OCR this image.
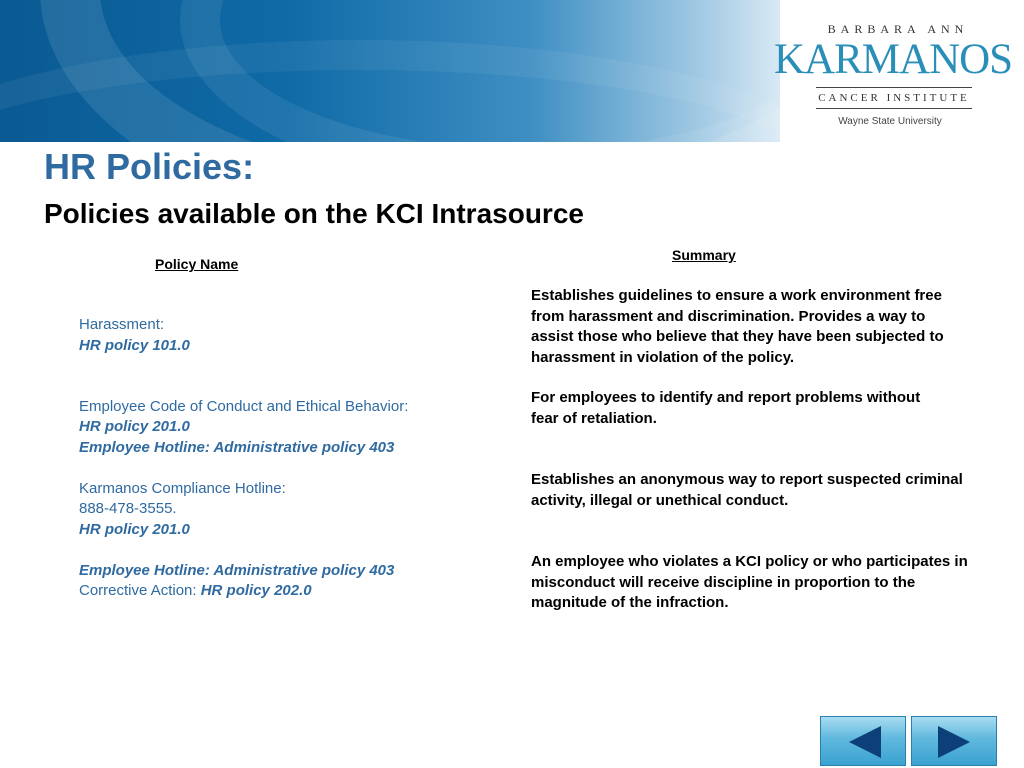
BARBARA ANN
KARMANOS
CANCER INSTITUTE
Wayne State University
HR Policies:
Policies available on the KCI Intrasource
Policy Name
Summary
Harassment:
HR policy 101.0
Employee Code of Conduct and Ethical Behavior:
HR policy 201.0
Employee Hotline: Administrative policy 403
Karmanos Compliance Hotline:
888-478-3555.
HR policy 201.0
Employee Hotline: Administrative policy 403
Corrective Action: HR policy 202.0
Establishes guidelines to ensure a work environment free from harassment and discrimination. Provides a way to assist those who believe that they have been subjected to harassment in violation of the policy.
For employees to identify and report problems without fear of retaliation.
Establishes an anonymous way to report suspected criminal activity, illegal or unethical conduct.
An employee who violates a KCI policy or who participates in misconduct will receive discipline in proportion to the magnitude of the infraction.
